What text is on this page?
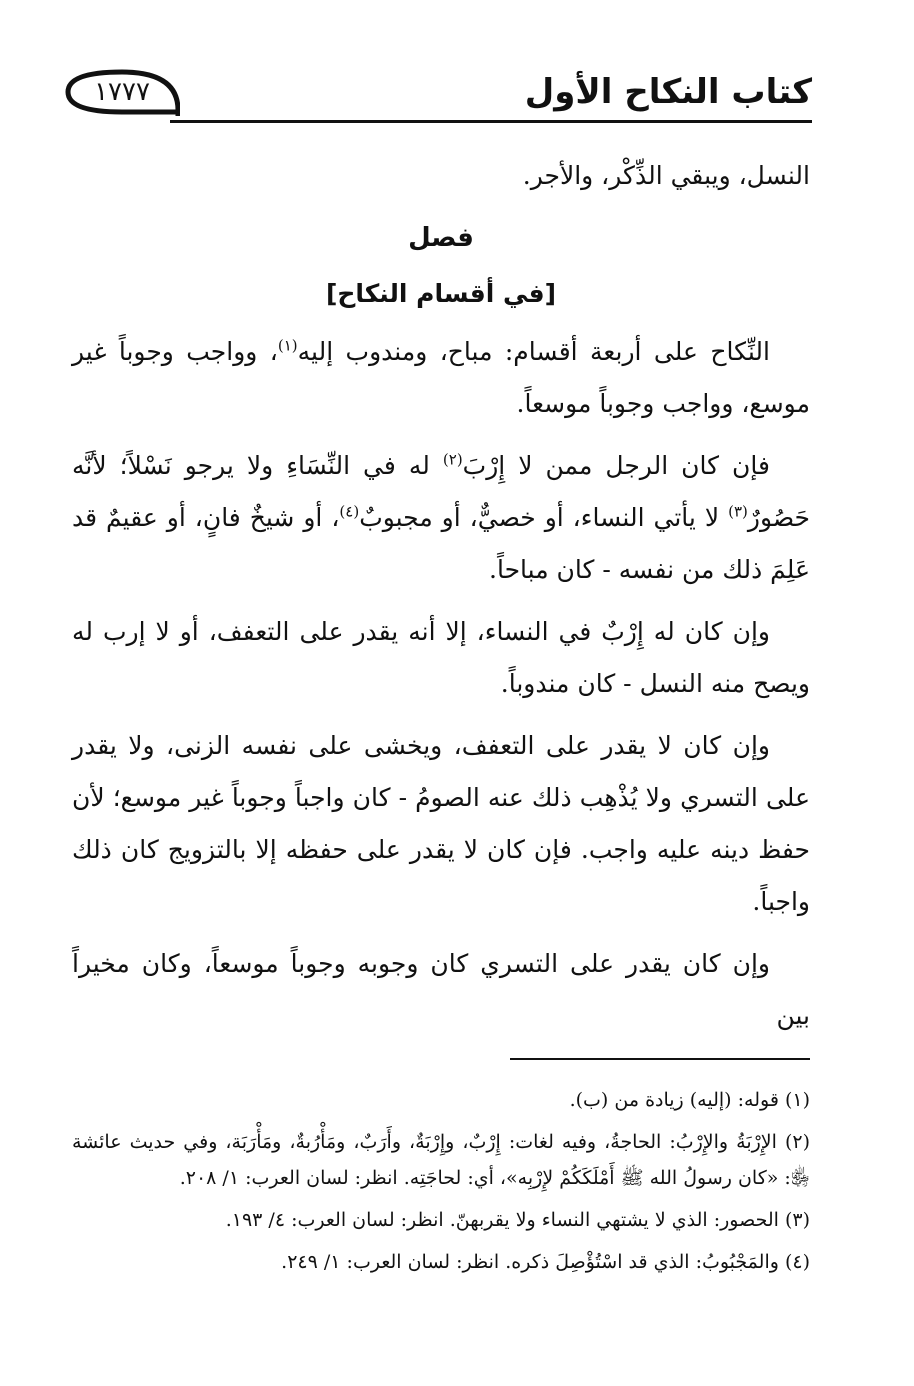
كتاب النكاح الأول
١٧٧٧

النسل، ويبقي الذِّكْر، والأجر.

فصل
[في أقسام النكاح]

النِّكاح على أربعة أقسام: مباح، ومندوب إليه$^{(١)}$، وواجب وجوباً غير موسع، وواجب وجوباً موسعاً.

فإن كان الرجل ممن لا إِرْبَ$^{(٢)}$ له في النِّسَاءِ ولا يرجو نَسْلاً؛ لأنَّه حَصُورٌ$^{(٣)}$ لا يأتي النساء، أو خصيٌّ، أو مجبوبٌ$^{(٤)}$، أو شيخٌ فانٍ، أو عقيمٌ قد عَلِمَ ذلك من نفسه - كان مباحاً.

وإن كان له إِرْبٌ في النساء، إلا أنه يقدر على التعفف، أو لا إرب له ويصح منه النسل - كان مندوباً.

وإن كان لا يقدر على التعفف، ويخشى على نفسه الزنى، ولا يقدر على التسري ولا يُذْهِب ذلك عنه الصومُ - كان واجباً وجوباً غير موسع؛ لأن حفظ دينه عليه واجب. فإن كان لا يقدر على حفظه إلا بالتزويج كان ذلك واجباً.

وإن كان يقدر على التسري كان وجوبه وجوباً موسعاً، وكان مخيراً بين

(١) قوله: (إليه) زيادة من (ب).

(٢) الإِرْبَةُ والإِرْبُ: الحاجةُ، وفيه لغات: إِرْبٌ، وإِرْبَةٌ، وأَرَبٌ، ومَأْرُبةٌ، ومَأْرَبَة، وفي حديث عائشة ﵂: «كان رسولُ الله ﷺ أَمْلَكَكُمْ لإِرْبِه»، أي: لحاجَتِه. انظر: لسان العرب: ١/ ٢٠٨.

(٣) الحصور: الذي لا يشتهي النساء ولا يقربهنّ. انظر: لسان العرب: ٤/ ١٩٣.

(٤) والمَجْبُوبُ: الذي قد اسْتُؤْصِلَ ذكره. انظر: لسان العرب: ١/ ٢٤٩.
